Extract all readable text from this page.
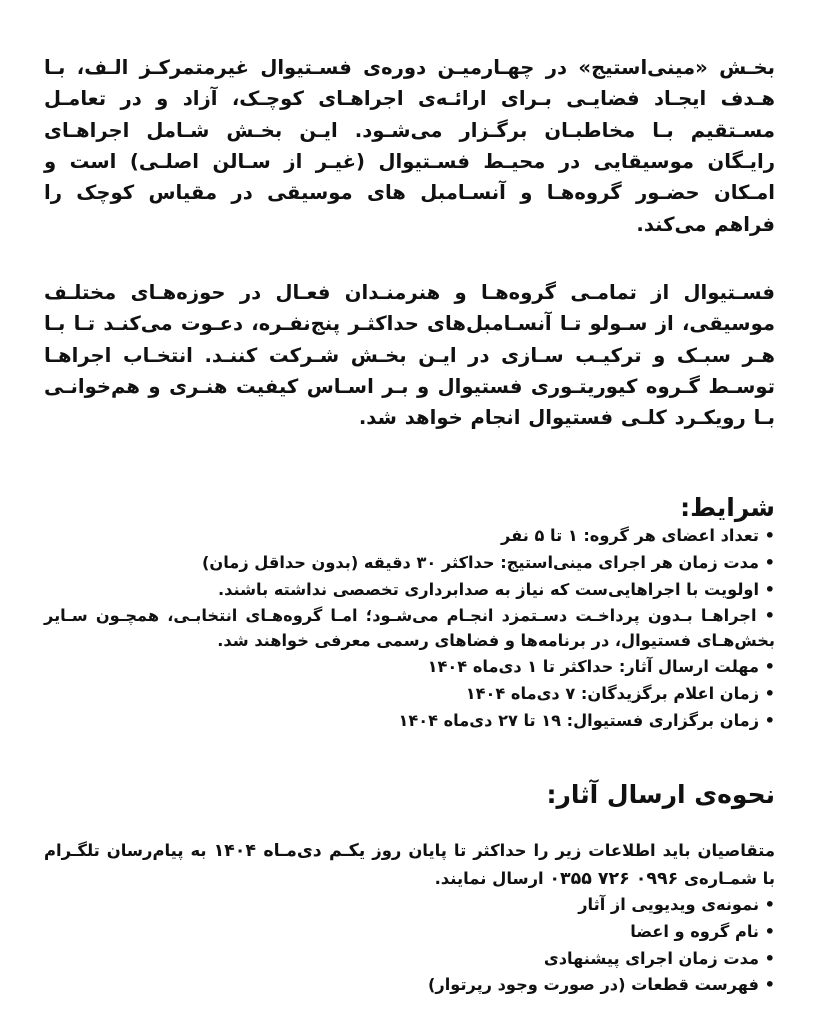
بخـش «مینی‌استیج» در چهـارمیـن دوره‌ی فسـتیوال غیرمتمرکـز الـف، بـا هـدف ایجـاد فضایـی بـرای ارائـه‌ی اجراهـای کوچـک، آزاد و در تعامـل مسـتقیم بـا مخاطبـان برگـزار می‌شـود. ایـن بخـش شـامل اجراهـای رایـگان موسیقایی در محیـط فسـتیوال (غیـر از سـالن اصلـی) است و امـکان حضـور گروه‌هـا و آنسـامبل های موسیقی در مقیاس کوچک را فراهم می‌کند.

فسـتیوال از تمامـی گروه‌هـا و هنرمنـدان فعـال در حوزه‌هـای مختلـف موسیقی، از سـولو تـا آنسـامبل‌های حداکثـر پنج‌نفـره، دعـوت می‌کنـد تـا بـا هـر سبـک و ترکیـب سـازی در ایـن بخـش شـرکت کننـد. انتخـاب اجراهـا توسـط گـروه کیوریتـوری فستیوال و بـر اسـاس کیفیت هنـری و هم‌خوانـی بـا رویکـرد کلـی فستیوال انجام خواهد شد.

شرایط:
• تعداد اعضای هر گروه: ۱ تا ۵ نفر
• مدت زمان هر اجرای مینی‌استیج: حداکثر ۳۰ دقیقه (بدون حداقل زمان)
• اولویت با اجراهایی‌ست که نیاز به صدابرداری تخصصی نداشته باشند.
• اجراهـا بـدون پرداخـت دسـتمزد انجـام می‌شـود؛ امـا گروه‌هـای انتخابـی، همچـون سـایر بخش‌هـای فستیوال، در برنامه‌ها و فضاهای رسمی معرفی خواهند شد.
• مهلت ارسال آثار: حداکثر تا ۱ دی‌ماه ۱۴۰۴
• زمان اعلام برگزیدگان: ۷ دی‌ماه ۱۴۰۴
• زمان برگزاری فستیوال: ۱۹ تا ۲۷ دی‌ماه ۱۴۰۴
نحوه‌ی ارسال آثار:

متقاصیان باید اطلاعات زیر را حداکثر تا پایان روز یکـم دی‌مـاه ۱۴۰۴ به پیام‌رسان تلگـرام با شمـاره‌ی ۰۳۵۵ ۷۲۶ ۰۹۹۶ ارسال نمایند.

• نمونه‌ی ویدیویی از آثار
• نام گروه و اعضا
• مدت زمان اجرای پیشنهادی
• فهرست قطعات (در صورت وجود رپرتوار)
